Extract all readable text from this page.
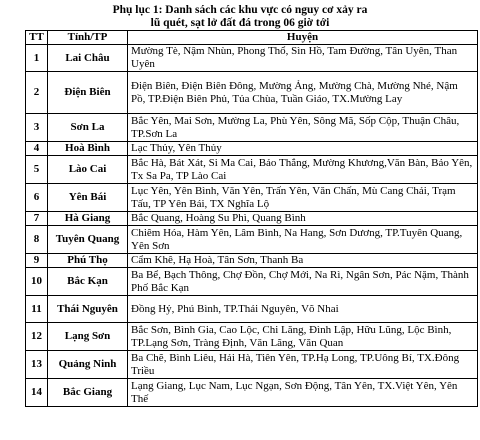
Phụ lục 1: Danh sách các khu vực có nguy cơ xảy ra
lũ quét, sạt lở đất đá trong 06 giờ tới
TT	Tỉnh/TP	Huyện
1	Lai Châu	Mường Tè, Nậm Nhùn, Phong Thổ, Sìn Hồ, Tam Đường, Tân Uyên, Than Uyên
2	Điện Biên	Điện Biên, Điện Biên Đông, Mường Ảng, Mường Chà, Mường Nhé, Nậm Pồ, TP.Điện Biên Phủ, Tủa Chùa, Tuần Giáo, TX.Mường Lay
3	Sơn La	Bắc Yên, Mai Sơn, Mường La, Phù Yên, Sông Mã, Sốp Cộp, Thuận Châu, TP.Sơn La
4	Hoà Bình	Lạc Thủy, Yên Thủy
5	Lào Cai	Bắc Hà, Bát Xát, Si Ma Cai, Bảo Thắng, Mường Khương,Văn Bàn, Bảo Yên, Tx Sa Pa, TP Lào Cai
6	Yên Bái	Lục Yên, Yên Bình, Văn Yên, Trấn Yên, Văn Chấn, Mù Cang Chải, Trạm Tấu, TP Yên Bái, TX Nghĩa Lộ
7	Hà Giang	Bắc Quang, Hoàng Su Phì, Quang Bình
8	Tuyên Quang	Chiêm Hóa, Hàm Yên, Lâm Bình, Na Hang, Sơn Dương, TP.Tuyên Quang, Yên Sơn
9	Phú Thọ	Cẩm Khê, Hạ Hoà, Tân Sơn, Thanh Ba
10	Bắc Kạn	Ba Bể, Bạch Thông, Chợ Đồn, Chợ Mới, Na Rì, Ngân Sơn, Pác Nặm, Thành Phố Bắc Kạn
11	Thái Nguyên	Đồng Hỷ, Phú Bình, TP.Thái Nguyên, Võ Nhai
12	Lạng Sơn	Bắc Sơn, Bình Gia, Cao Lộc, Chi Lăng, Đình Lập, Hữu Lũng, Lộc Bình, TP.Lạng Sơn, Tràng Định, Văn Lãng, Văn Quan
13	Quảng Ninh	Ba Chẽ, Bình Liêu, Hải Hà, Tiên Yên, TP.Hạ Long, TP.Uông Bí, TX.Đông Triều
14	Bắc Giang	Lạng Giang, Lục Nam, Lục Ngạn, Sơn Động, Tân Yên, TX.Việt Yên, Yên Thế
